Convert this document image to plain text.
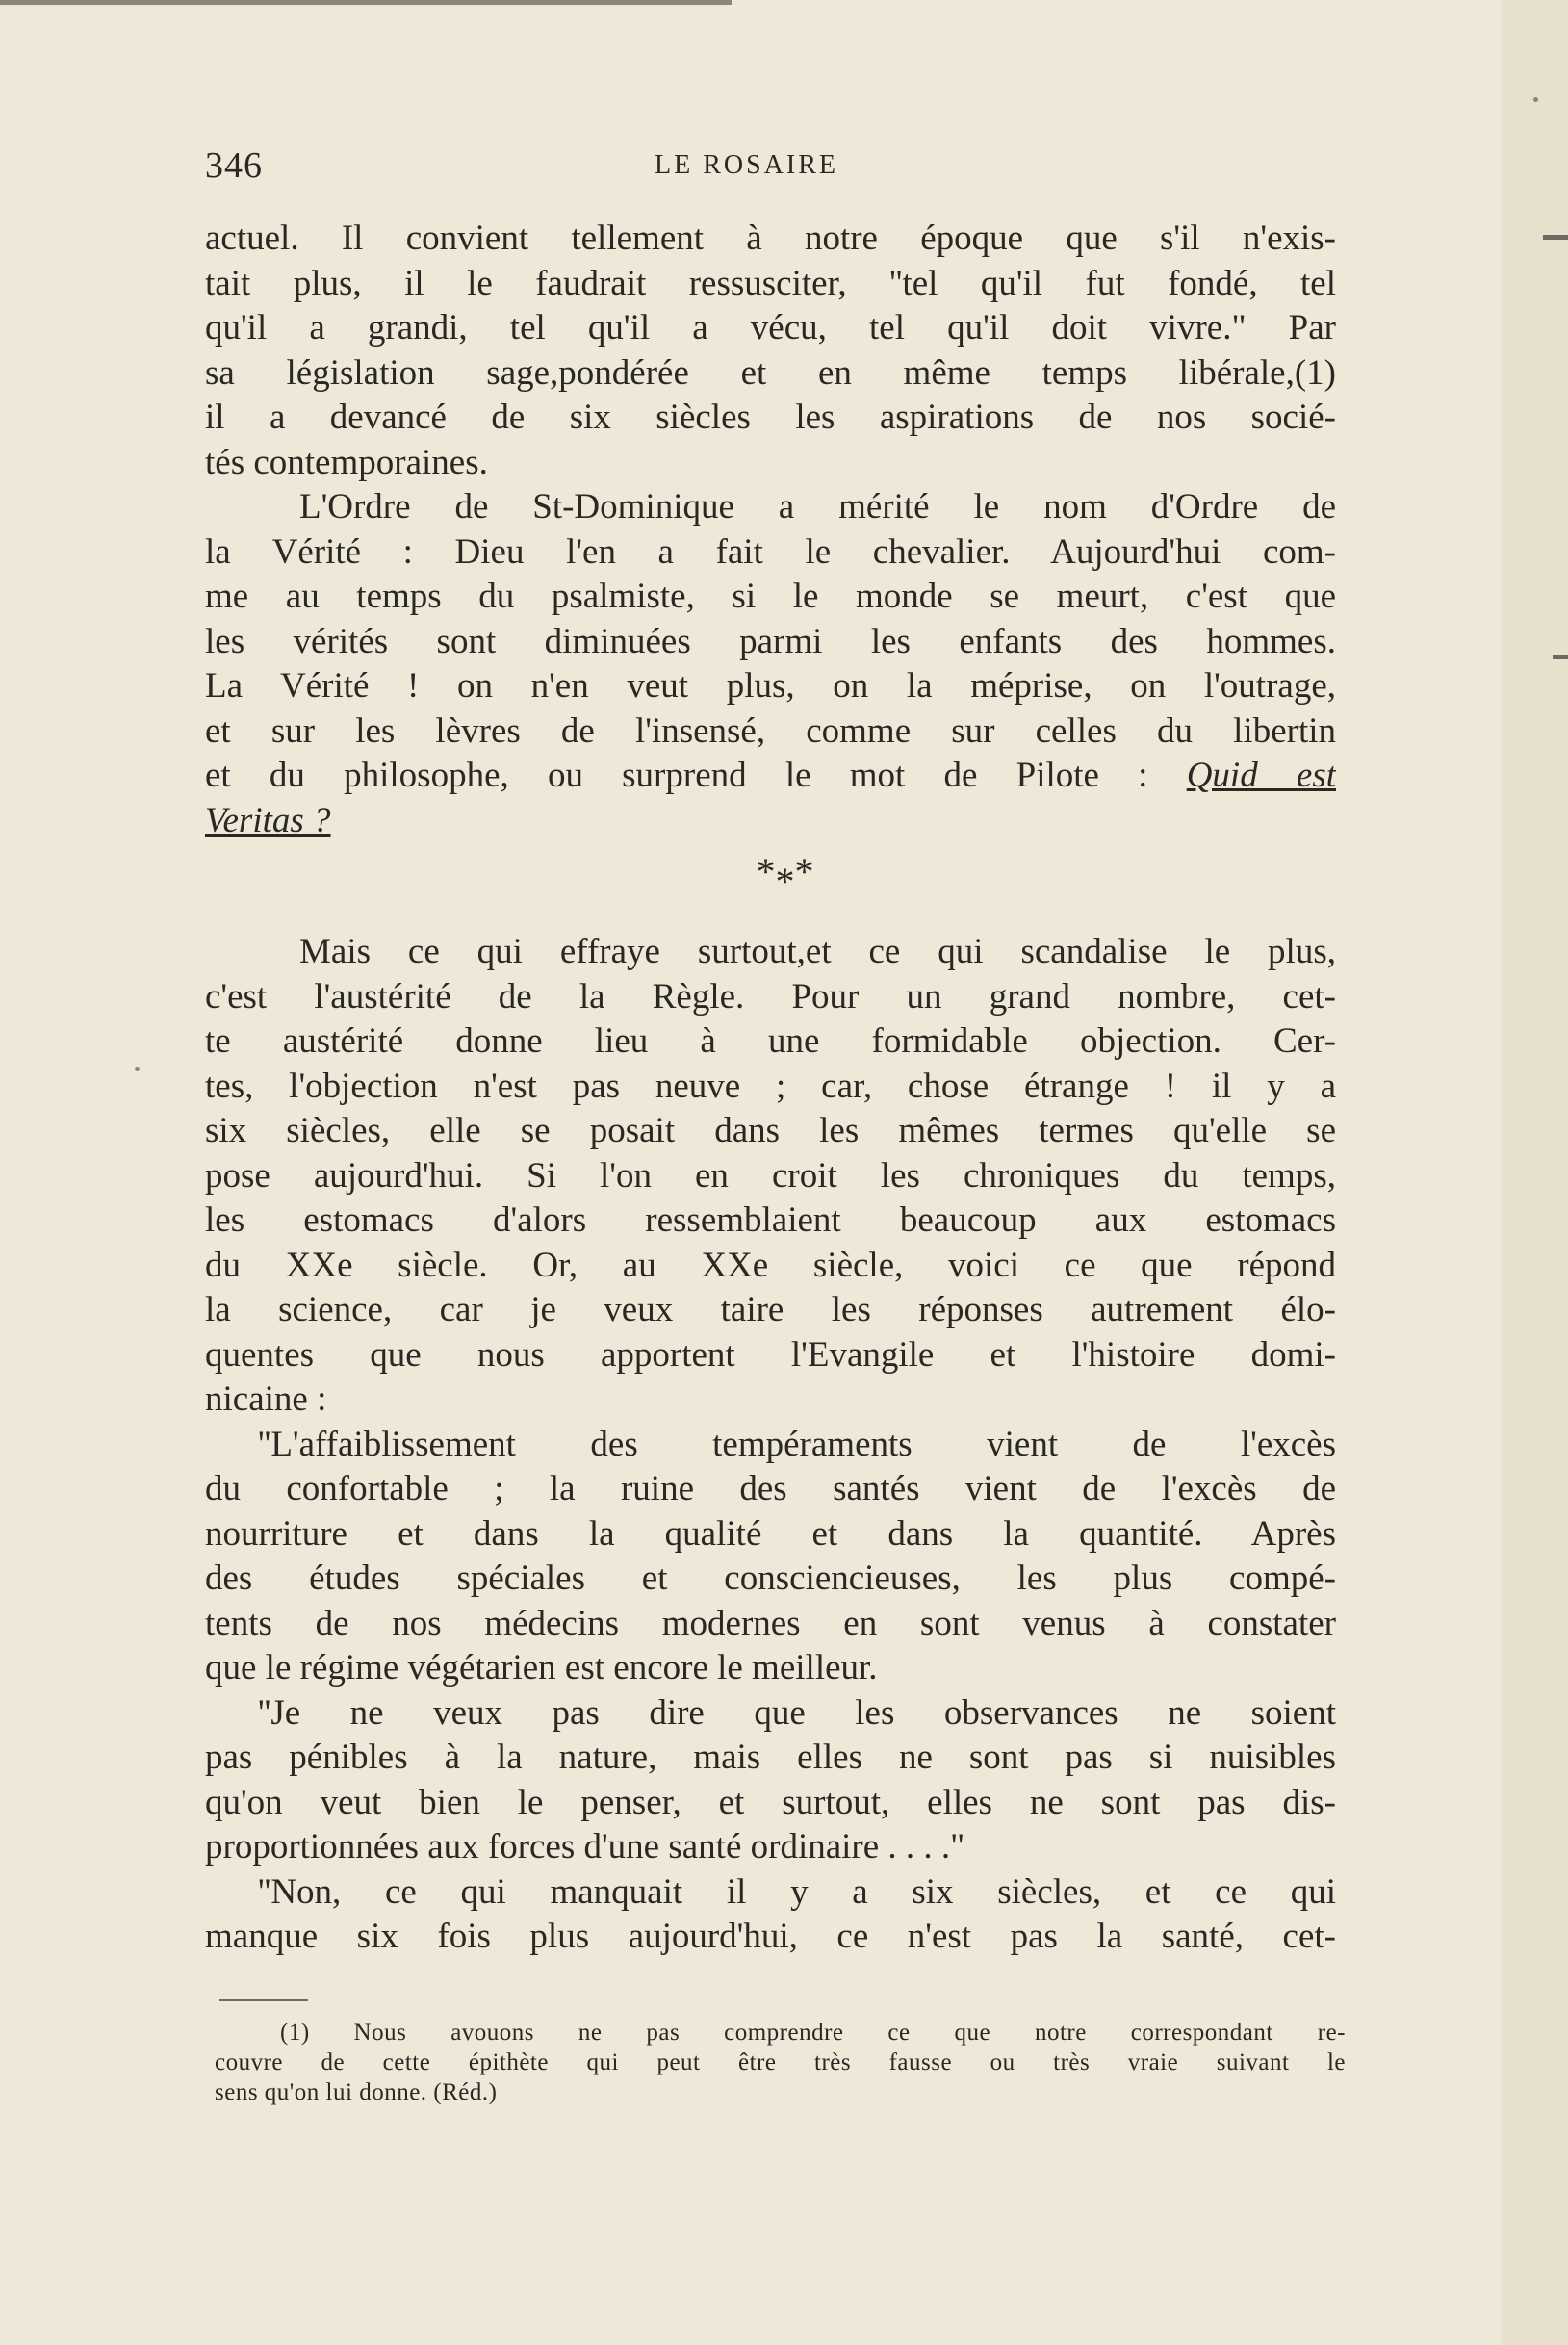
346	LE ROSAIRE
actuel. Il convient tellement à notre époque que s'il n'exis-
tait plus, il le faudrait ressusciter, ''tel qu'il fut fondé, tel
qu'il a grandi, tel qu'il a vécu, tel qu'il doit vivre." Par
sa législation sage,pondérée et en même temps libérale,(1)
il a devancé de six siècles les aspirations de nos socié-
tés contemporaines.
L'Ordre de St-Dominique a mérité le nom d'Ordre de
la Vérité : Dieu l'en a fait le chevalier. Aujourd'hui com-
me au temps du psalmiste, si le monde se meurt, c'est que
les vérités sont diminuées parmi les enfants des hommes.
La Vérité ! on n'en veut plus, on la méprise, on l'outrage,
et sur les lèvres de l'insensé, comme sur celles du libertin
et du philosophe, ou surprend le mot de Pilote : Quid est
Veritas ?
***
Mais ce qui effraye surtout,et ce qui scandalise le plus,
c'est l'austérité de la Règle. Pour un grand nombre, cet-
te austérité donne lieu à une formidable objection. Cer-
tes, l'objection n'est pas neuve ; car, chose étrange ! il y a
six siècles, elle se posait dans les mêmes termes qu'elle se
pose aujourd'hui. Si l'on en croit les chroniques du temps,
les estomacs d'alors ressemblaient beaucoup aux estomacs
du XXe siècle. Or, au XXe siècle, voici ce que répond
la science, car je veux taire les réponses autrement élo-
quentes que nous apportent l'Evangile et l'histoire domi-
nicaine :
''L'affaiblissement des tempéraments vient de l'excès
du confortable ; la ruine des santés vient de l'excès de
nourriture et dans la qualité et dans la quantité. Après
des études spéciales et consciencieuses, les plus compé-
tents de nos médecins modernes en sont venus à constater
que le régime végétarien est encore le meilleur.
''Je ne veux pas dire que les observances ne soient
pas pénibles à la nature, mais elles ne sont pas si nuisibles
qu'on veut bien le penser, et surtout, elles ne sont pas dis-
proportionnées aux forces d'une santé ordinaire . . . ."
''Non, ce qui manquait il y a six siècles, et ce qui
manque six fois plus aujourd'hui, ce n'est pas la santé, cet-
(1) Nous avouons ne pas comprendre ce que notre correspondant re-
couvre de cette épithète qui peut être très fausse ou très vraie suivant le
sens qu'on lui donne. (Réd.)
